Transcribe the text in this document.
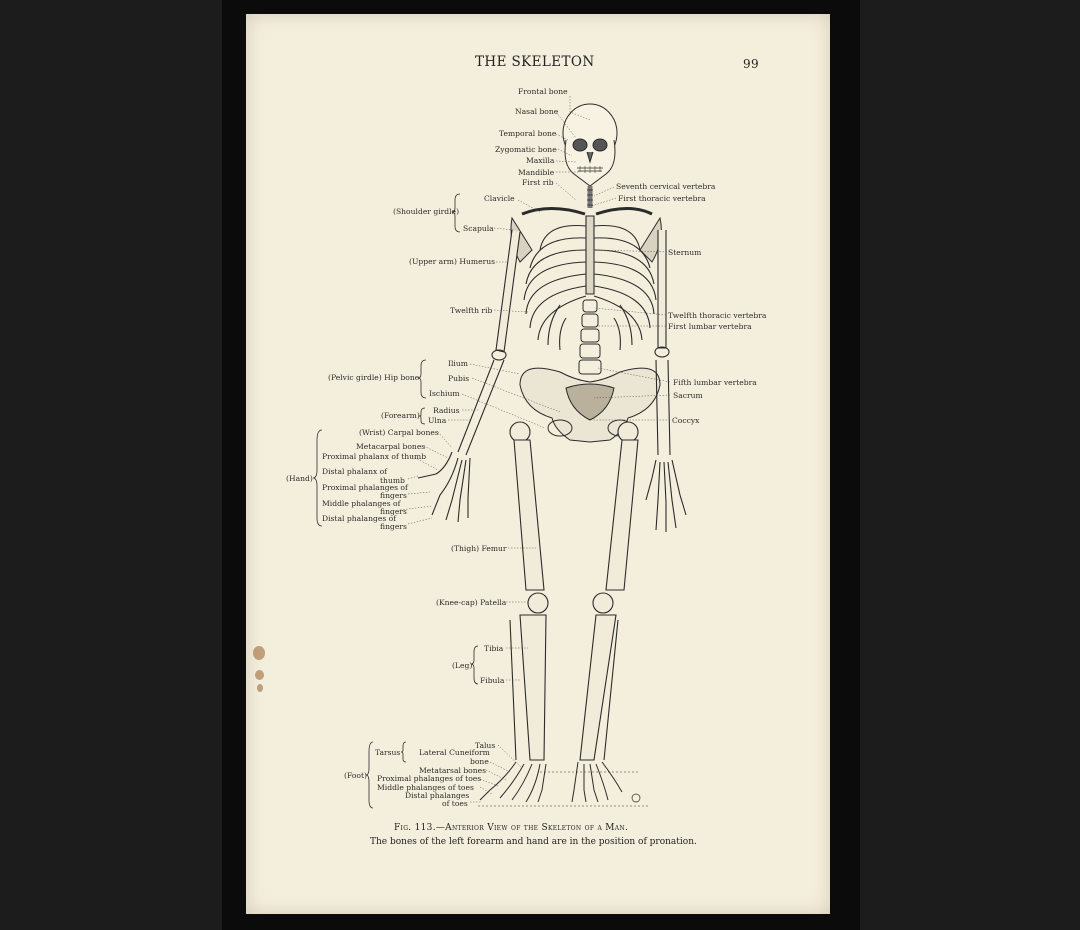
THE SKELETON	99
Frontal bone
Nasal bone
Temporal bone
Zygomatic bone
Maxilla
Mandible
First rib	Seventh cervical vertebra
First thoracic vertebra
Clavicle
(Shoulder girdle)
Scapula
Sternum
(Upper arm) Humerus
Twelfth rib
Twelfth thoracic vertebra
First lumbar vertebra
Ilium
(Pelvic girdle) Hip bone	Pubis
Ischium
Fifth lumbar vertebra
Sacrum
(Forearm)
Radius
Ulna	Coccyx
(Wrist) Carpal bones
Metacarpal bones
Proximal phalanx of thumb
(Hand)
Distal phalanx of
thumb
Proximal phalanges of
fingers
Middle phalanges of
fingers
Distal phalanges of
fingers
(Thigh) Femur
(Knee-cap) Patella
Tibia
(Leg)
Fibula
Talus
Tarsus Lateral Cuneiform
bone
Metatarsal bones
(Foot) Proximal phalanges of toes
Middle phalanges of toes
Distal phalanges
of toes
Fig. 113.—Anterior View of the Skeleton of a Man.
The bones of the left forearm and hand are in the position of pronation.
